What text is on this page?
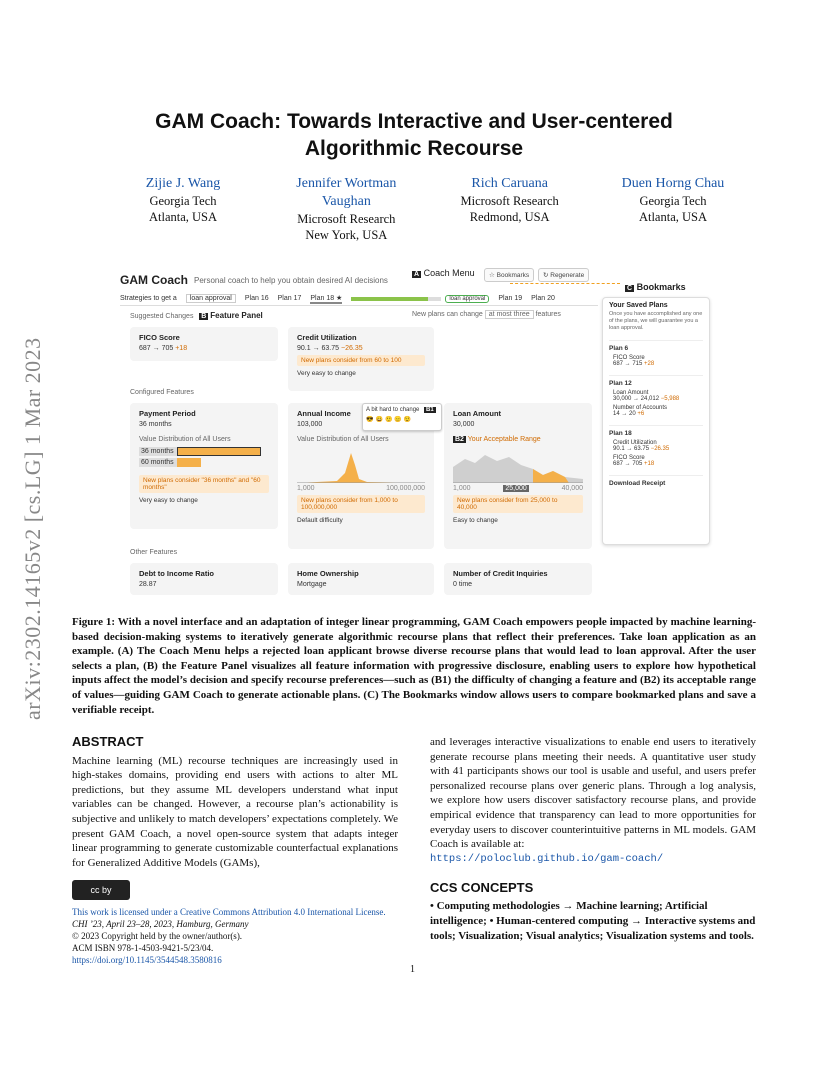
arXiv:2302.14165v2 [cs.LG] 1 Mar 2023
GAM Coach: Towards Interactive and User-centered
Algorithmic Recourse
Zijie J. Wang
Georgia Tech
Atlanta, USA
Jennifer Wortman Vaughan
Microsoft Research
New York, USA
Rich Caruana
Microsoft Research
Redmond, USA
Duen Horng Chau
Georgia Tech
Atlanta, USA
GAM Coach Personal coach to help you obtain desired AI decisions
A Coach Menu	☆ Bookmarks	↻ Regenerate
C Bookmarks
Strategies to get a	loan approval	Plan 16 Plan 17 Plan 18 ★	loan approval	Plan 19 Plan 20
Suggested Changes B Feature Panel	New plans can change at most three features
FICO Score
687 → 705 +18
Credit Utilization
90.1 → 63.75 −26.35
New plans consider from 60 to 100
Very easy to change
Configured Features
Payment Period
36 months
Value Distribution of All Users
36 months
60 months
New plans consider "36 months" and "60 months"
Very easy to change
Annual Income
103,000
Value Distribution of All Users
1,000	100,000,000
New plans consider from 1,000 to 100,000,000
Default difficulty
A bit hard to change B1
😎😀🙂😑😟
Loan Amount
30,000
B2 Your Acceptable Range
1,000	25,000	40,000
New plans consider from 25,000 to 40,000
Easy to change
Other Features
Debt to Income Ratio
28.87
Home Ownership
Mortgage
Number of Credit Inquiries
0 time
Your Saved Plans
Once you have accomplished any one of the plans, we will guarantee you a loan approval.
Plan 6
FICO Score
687 → 715 +28
Plan 12
Loan Amount
30,000 → 24,012 −5,988
Number of Accounts
14 → 20 +6
Plan 18
Credit Utilization
90.1 → 63.75 −26.35
FICO Score
687 → 705 +18
Download Receipt
Figure 1: With a novel interface and an adaptation of integer linear programming, GAM Coach empowers people impacted by machine learning-based decision-making systems to iteratively generate algorithmic recourse plans that reflect their preferences. Take loan application as an example. (A) The Coach Menu helps a rejected loan applicant browse diverse recourse plans that would lead to loan approval. After the user selects a plan, (B) the Feature Panel visualizes all feature information with progressive disclosure, enabling users to explore how hypothetical inputs affect the model’s decision and specify recourse preferences—such as (B1) the difficulty of changing a feature and (B2) its acceptable range of values—guiding GAM Coach to generate actionable plans. (C) The Bookmarks window allows users to compare bookmarked plans and save a verifiable receipt.
ABSTRACT
Machine learning (ML) recourse techniques are increasingly used in high-stakes domains, providing end users with actions to alter ML predictions, but they assume ML developers understand what input variables can be changed. However, a recourse plan’s actionability is subjective and unlikely to match developers’ expectations completely. We present GAM Coach, a novel open-source system that adapts integer linear programming to generate customizable counterfactual explanations for Generalized Additive Models (GAMs),
and leverages interactive visualizations to enable end users to iteratively generate recourse plans meeting their needs. A quantitative user study with 41 participants shows our tool is usable and useful, and users prefer personalized recourse plans over generic plans. Through a log analysis, we explore how users discover satisfactory recourse plans, and provide empirical evidence that transparency can lead to more opportunities for everyday users to discover counterintuitive patterns in ML models. GAM Coach is available at:
https://poloclub.github.io/gam-coach/
cc by
This work is licensed under a Creative Commons Attribution 4.0 International License.
CHI ’23, April 23–28, 2023, Hamburg, Germany
© 2023 Copyright held by the owner/author(s).
ACM ISBN 978-1-4503-9421-5/23/04.
https://doi.org/10.1145/3544548.3580816
CCS CONCEPTS
• Computing methodologies → Machine learning; Artificial intelligence; • Human-centered computing → Interactive systems and tools; Visualization; Visual analytics; Visualization systems and tools.
1
